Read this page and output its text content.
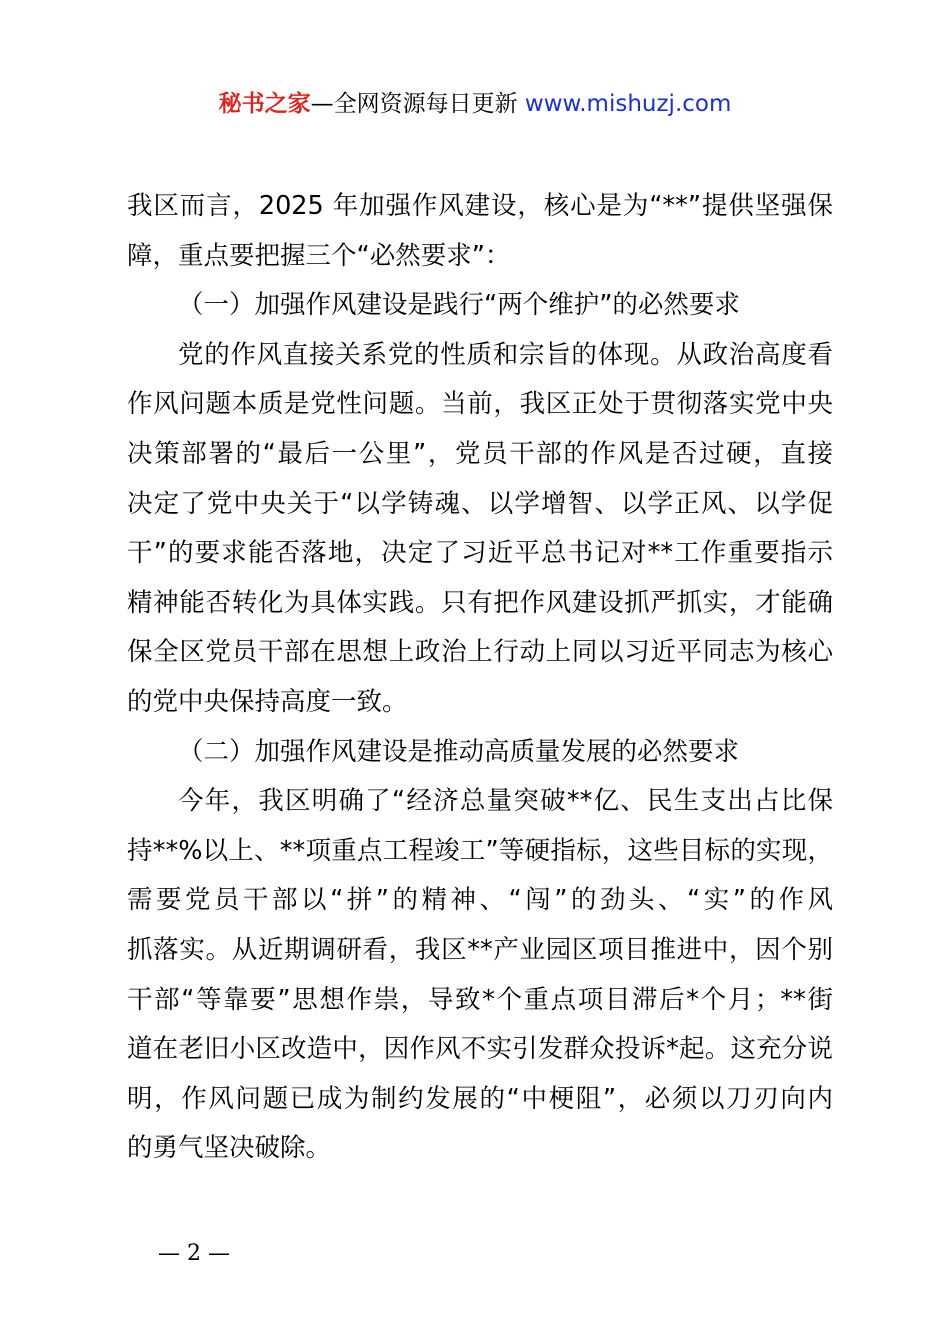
秘书之家—全网资源每日更新 www.mishuzj.com
我区而言，2025 年加强作风建设，核心是为“**”提供坚强保
障，重点要把握三个“必然要求”：
（一）加强作风建设是践行“两个维护”的必然要求
党的作风直接关系党的性质和宗旨的体现。从政治高度看
作风问题本质是党性问题。当前，我区正处于贯彻落实党中央
决策部署的“最后一公里”，党员干部的作风是否过硬，直接
决定了党中央关于“以学铸魂、以学增智、以学正风、以学促
干”的要求能否落地，决定了习近平总书记对**工作重要指示
精神能否转化为具体实践。只有把作风建设抓严抓实，才能确
保全区党员干部在思想上政治上行动上同以习近平同志为核心
的党中央保持高度一致。
（二）加强作风建设是推动高质量发展的必然要求
今年，我区明确了“经济总量突破**亿、民生支出占比保
持**%以上、**项重点工程竣工”等硬指标，这些目标的实现，
需要党员干部以“拼”的精神、“闯”的劲头、“实”的作风
抓落实。从近期调研看，我区**产业园区项目推进中，因个别
干部“等靠要”思想作祟，导致*个重点项目滞后*个月；**街
道在老旧小区改造中，因作风不实引发群众投诉*起。这充分说
明，作风问题已成为制约发展的“中梗阻”，必须以刀刃向内
的勇气坚决破除。
— 2 —
